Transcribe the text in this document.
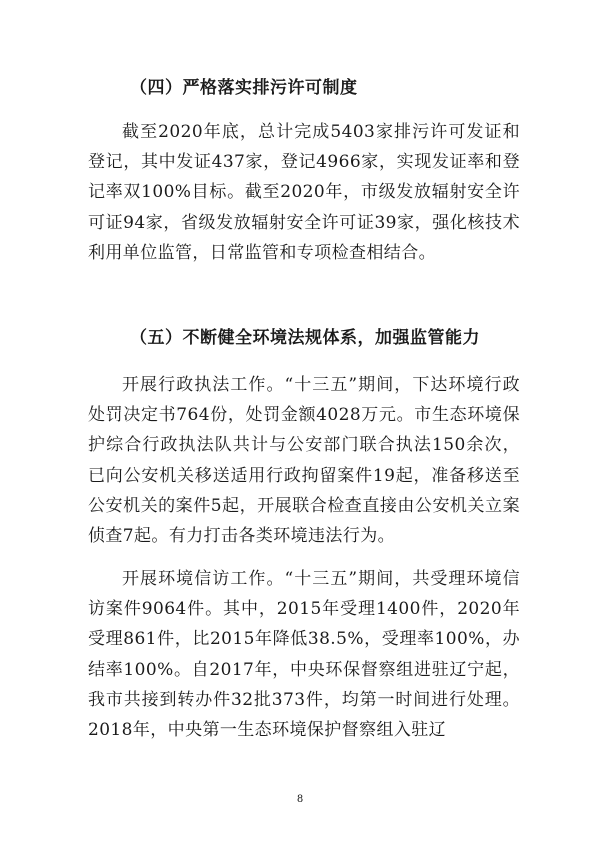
（四）严格落实排污许可制度

截至2020年底，总计完成5403家排污许可发证和登记，其中发证437家，登记4966家，实现发证率和登记率双100%目标。截至2020年，市级发放辐射安全许可证94家，省级发放辐射安全许可证39家，强化核技术利用单位监管，日常监管和专项检查相结合。

（五）不断健全环境法规体系，加强监管能力

开展行政执法工作。“十三五”期间，下达环境行政处罚决定书764份，处罚金额4028万元。市生态环境保护综合行政执法队共计与公安部门联合执法150余次，已向公安机关移送适用行政拘留案件19起，准备移送至公安机关的案件5起，开展联合检查直接由公安机关立案侦查7起。有力打击各类环境违法行为。

开展环境信访工作。“十三五”期间，共受理环境信访案件9064件。其中，2015年受理1400件，2020年受理861件，比2015年降低38.5%，受理率100%，办结率100%。自2017年，中央环保督察组进驻辽宁起，我市共接到转办件32批373件，均第一时间进行处理。2018年，中央第一生态环境保护督察组入驻辽

8
